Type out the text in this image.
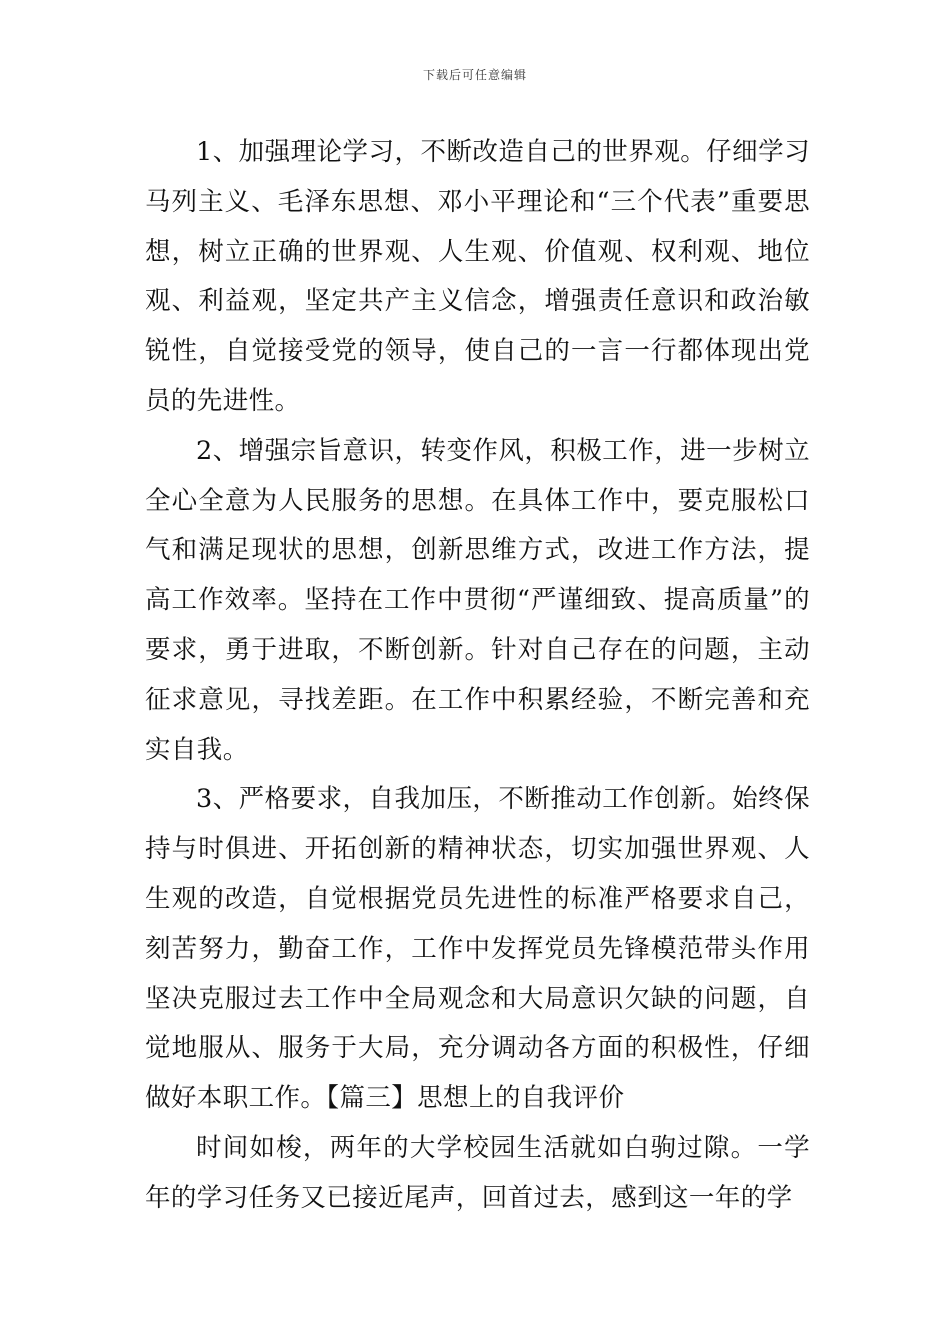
下载后可任意编辑

1、加强理论学习，不断改造自己的世界观。仔细学习马列主义、毛泽东思想、邓小平理论和“三个代表”重要思想，树立正确的世界观、人生观、价值观、权利观、地位观、利益观，坚定共产主义信念，增强责任意识和政治敏锐性，自觉接受党的领导，使自己的一言一行都体现出党员的先进性。

2、增强宗旨意识，转变作风，积极工作，进一步树立全心全意为人民服务的思想。在具体工作中，要克服松口气和满足现状的思想，创新思维方式，改进工作方法，提高工作效率。坚持在工作中贯彻“严谨细致、提高质量”的要求，勇于进取，不断创新。针对自己存在的问题，主动征求意见，寻找差距。在工作中积累经验，不断完善和充实自我。

3、严格要求，自我加压，不断推动工作创新。始终保持与时俱进、开拓创新的精神状态，切实加强世界观、人生观的改造，自觉根据党员先进性的标准严格要求自己，刻苦努力，勤奋工作，工作中发挥党员先锋模范带头作用坚决克服过去工作中全局观念和大局意识欠缺的问题，自觉地服从、服务于大局，充分调动各方面的积极性，仔细做好本职工作。【篇三】思想上的自我评价

时间如梭，两年的大学校园生活就如白驹过隙。一学年的学习任务又已接近尾声，回首过去，感到这一年的学
